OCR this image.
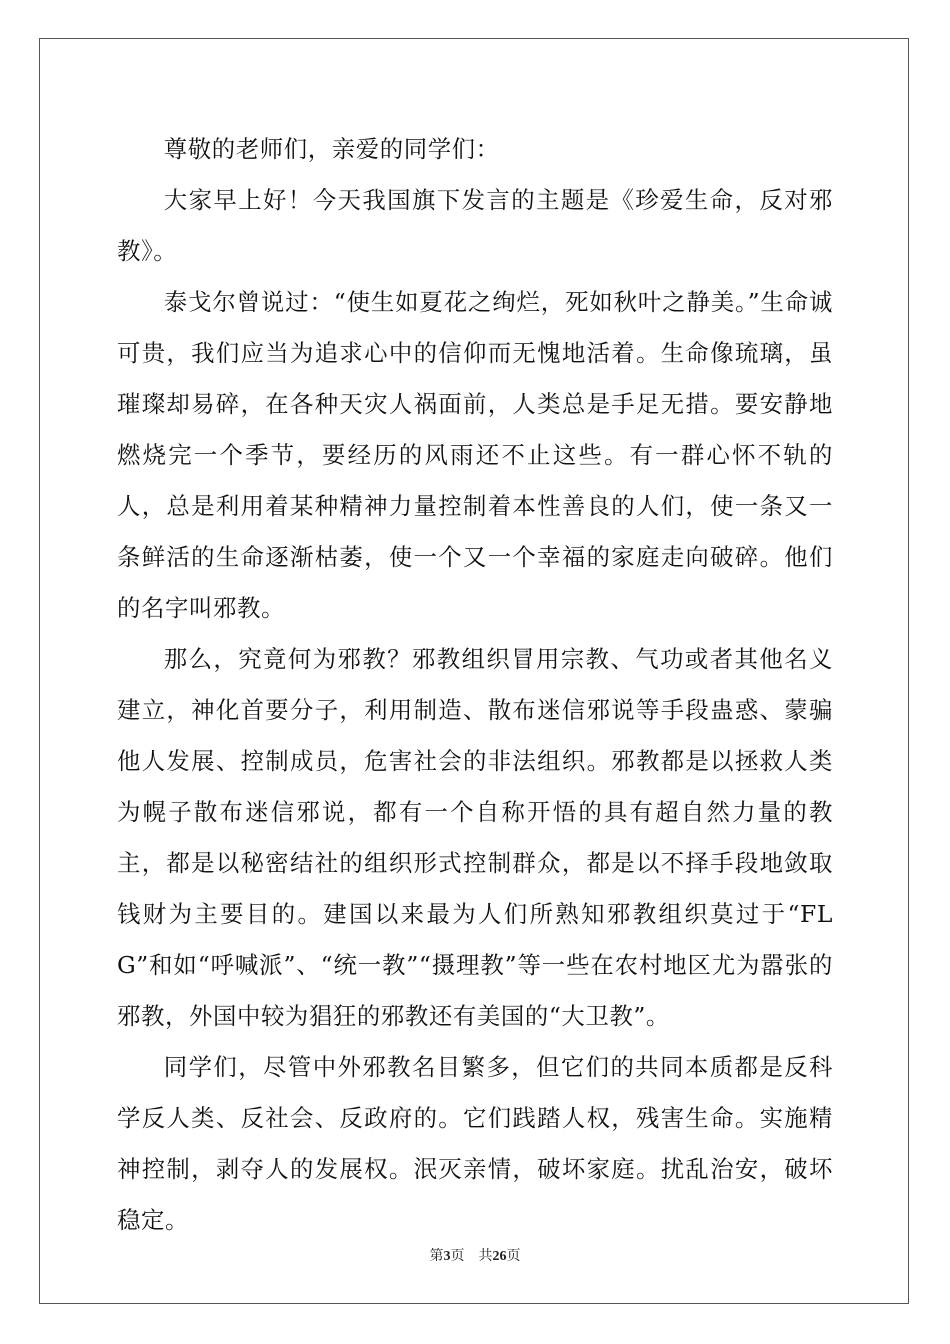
尊敬的老师们，亲爱的同学们：

大家早上好！今天我国旗下发言的主题是《珍爱生命，反对邪教》。

泰戈尔曾说过：“使生如夏花之绚烂，死如秋叶之静美。”生命诚可贵，我们应当为追求心中的信仰而无愧地活着。生命像琉璃，虽璀璨却易碎，在各种天灾人祸面前，人类总是手足无措。要安静地燃烧完一个季节，要经历的风雨还不止这些。有一群心怀不轨的人，总是利用着某种精神力量控制着本性善良的人们，使一条又一条鲜活的生命逐渐枯萎，使一个又一个幸福的家庭走向破碎。他们的名字叫邪教。

那么，究竟何为邪教？邪教组织冒用宗教、气功或者其他名义建立，神化首要分子，利用制造、散布迷信邪说等手段蛊惑、蒙骗他人发展、控制成员，危害社会的非法组织。邪教都是以拯救人类为幌子散布迷信邪说，都有一个自称开悟的具有超自然力量的教主，都是以秘密结社的组织形式控制群众，都是以不择手段地敛取钱财为主要目的。建国以来最为人们所熟知邪教组织莫过于“FLG”和如“呼喊派”、“统一教”“摄理教”等一些在农村地区尤为嚣张的邪教，外国中较为猖狂的邪教还有美国的“大卫教”。

同学们，尽管中外邪教名目繁多，但它们的共同本质都是反科学反人类、反社会、反政府的。它们践踏人权，残害生命。实施精神控制，剥夺人的发展权。泯灭亲情，破坏家庭。扰乱治安，破坏稳定。

第3页 共26页
